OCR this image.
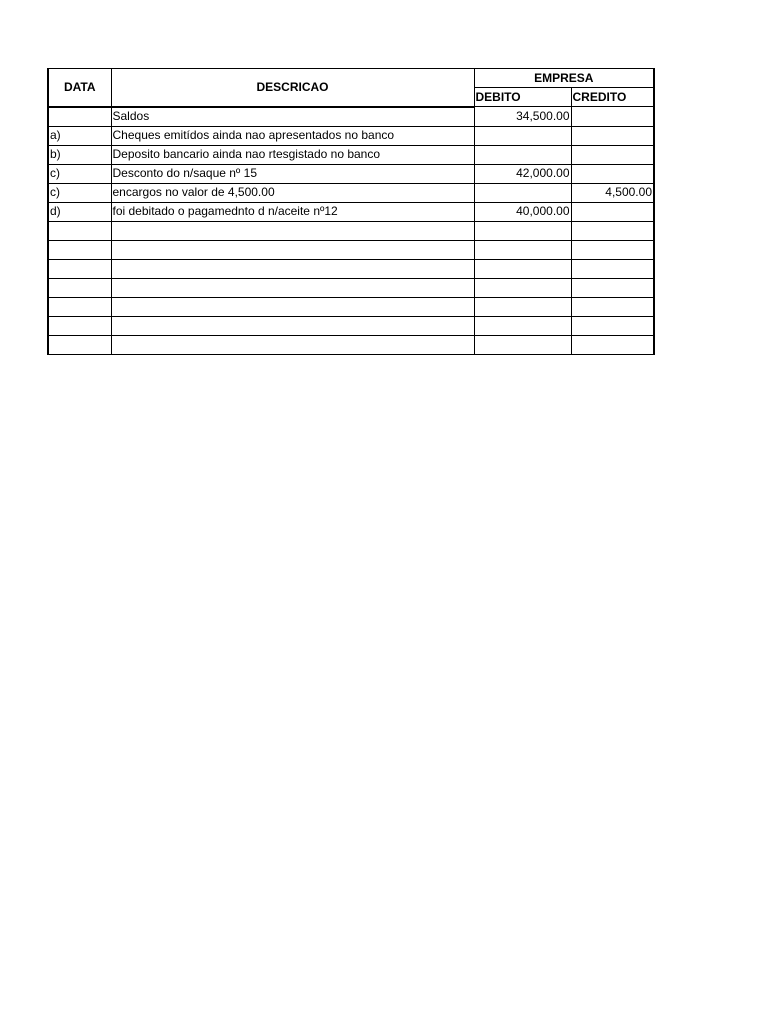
DATA	DESCRICAO	EMPRESA	
		DEBITO	CREDITO
	Saldos	34,500.00	
a)	Cheques emitídos ainda nao apresentados no banco		
b)	Deposito bancario ainda nao rtesgistado no banco		
c)	Desconto do n/saque nº 15	42,000.00	
c)	encargos no valor de 4,500.00		4,500.00
d)	foi debitado o pagamednto d n/aceite nº12	40,000.00	
